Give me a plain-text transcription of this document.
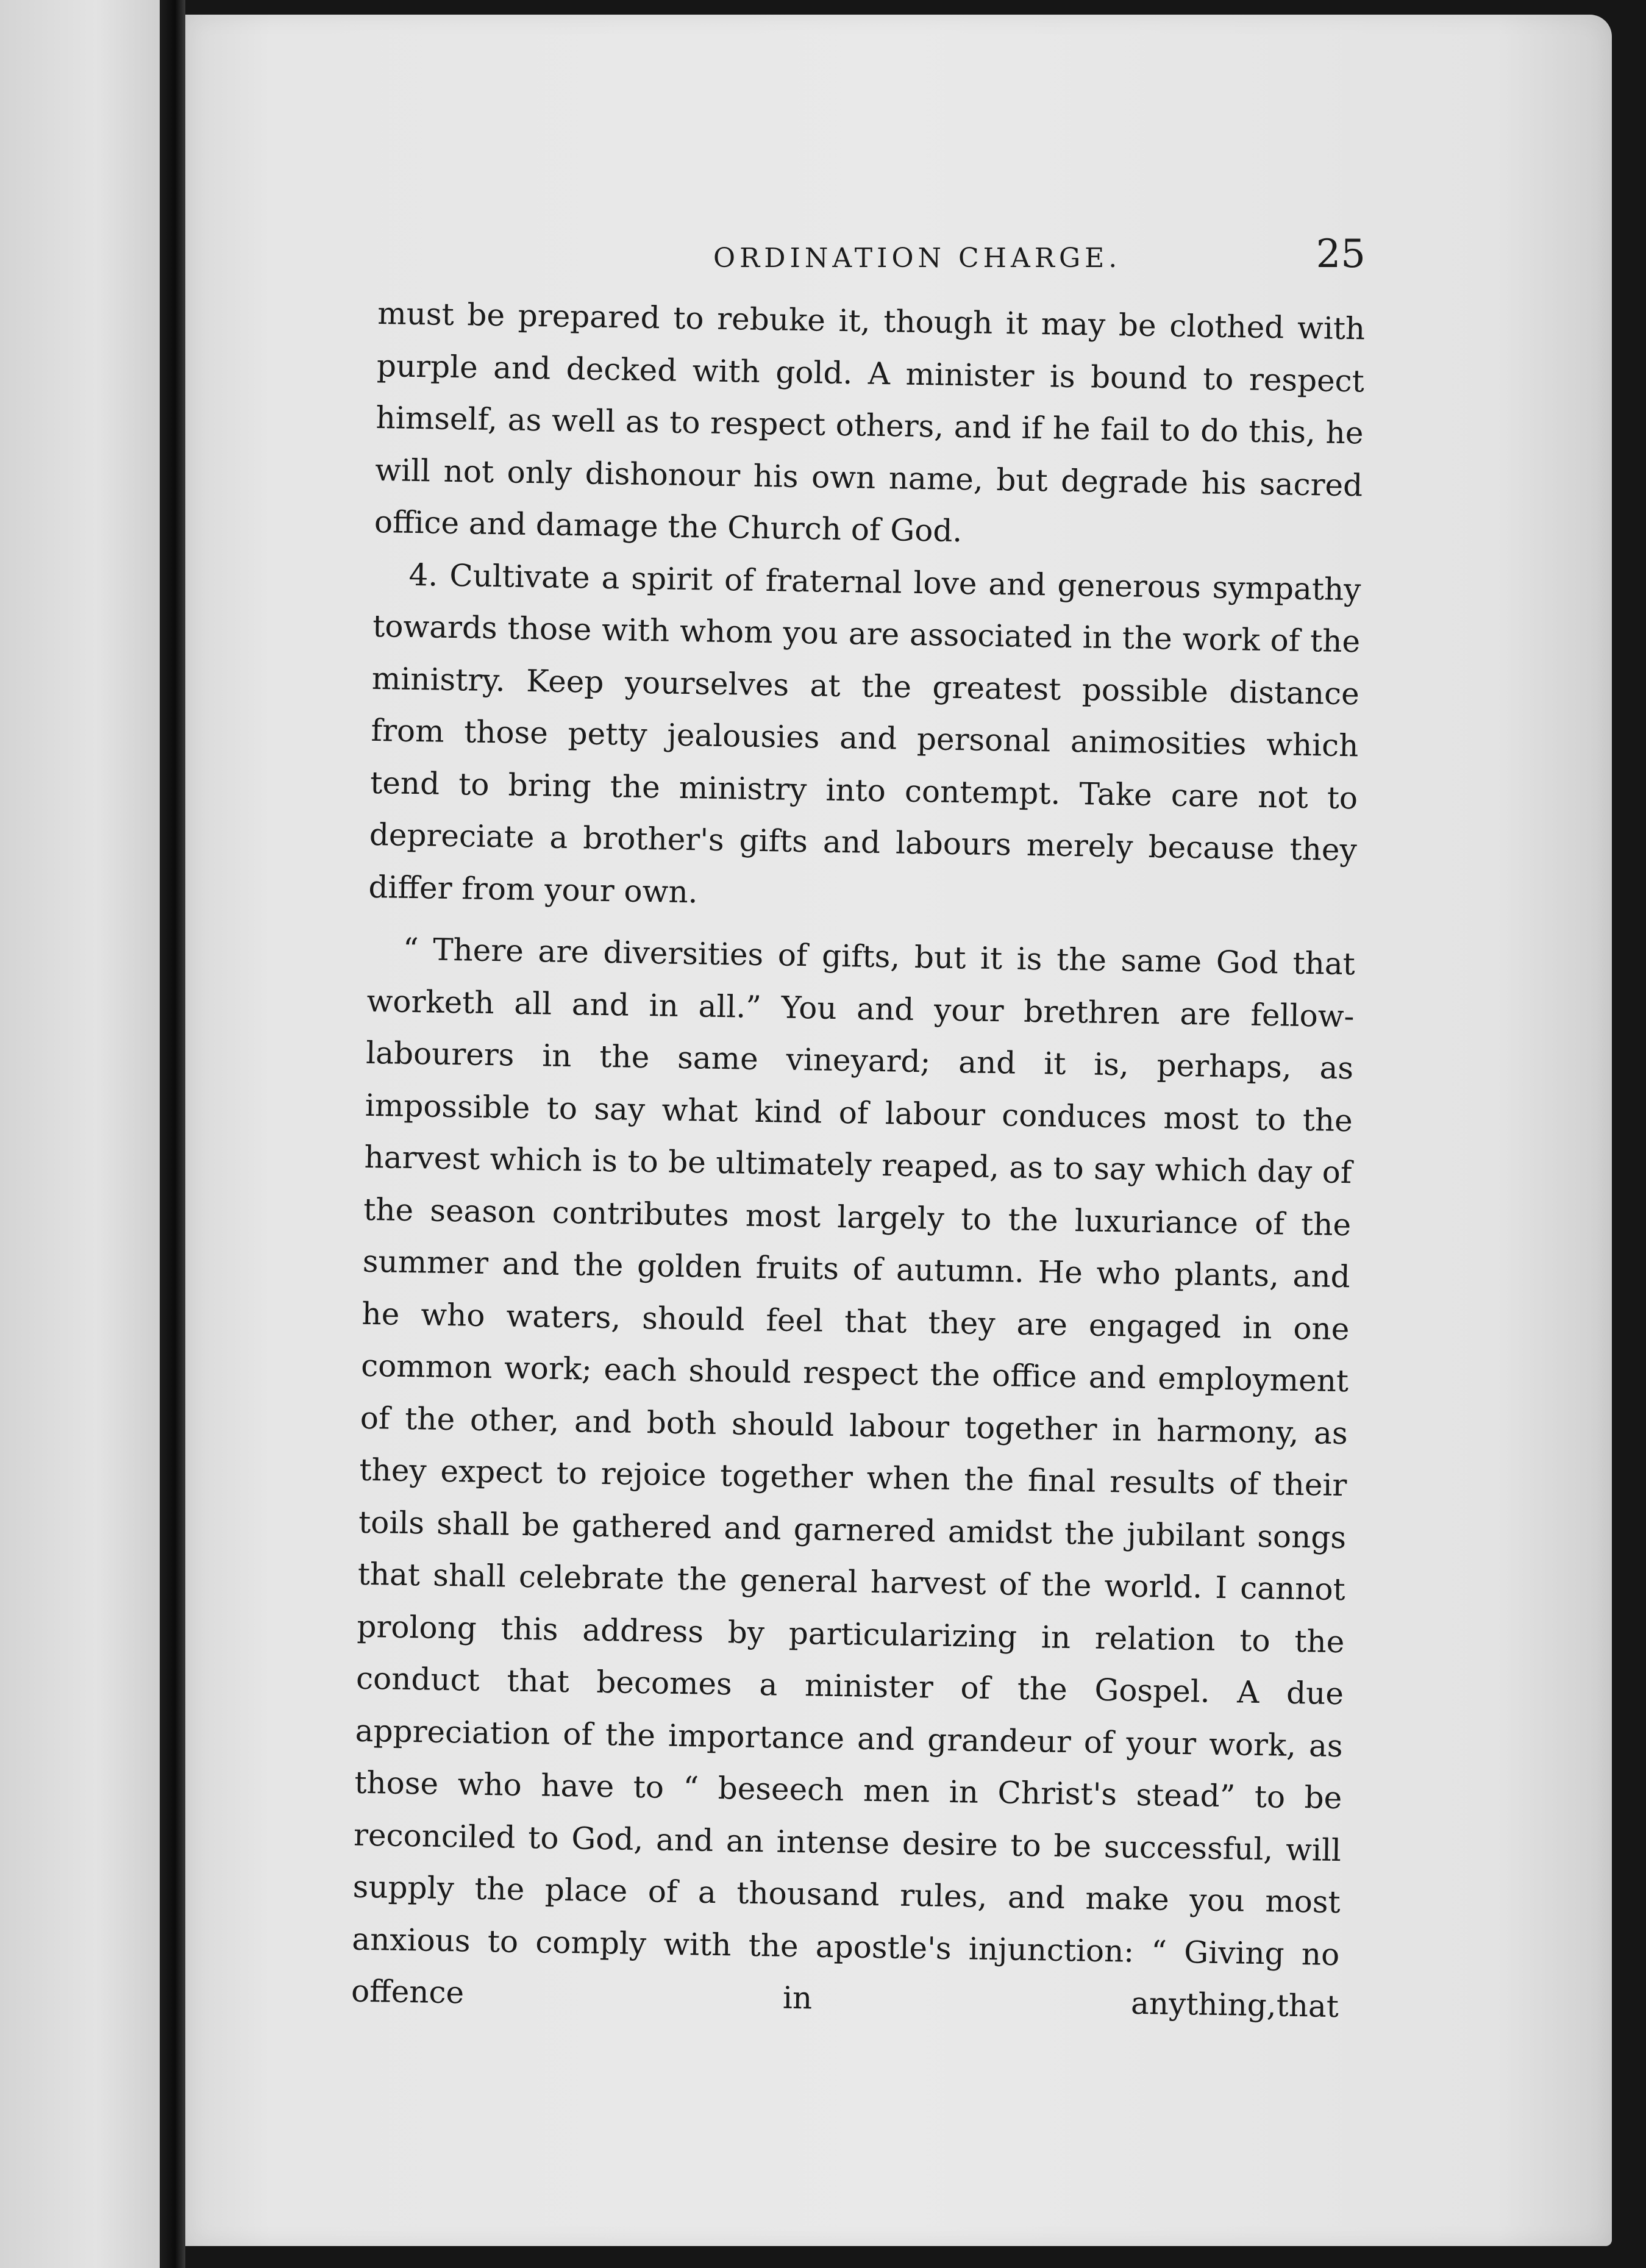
ORDINATION CHARGE.	25

must be prepared to rebuke it, though it may be clothed with purple and decked with gold. A minister is bound to respect himself, as well as to respect others, and if he fail to do this, he will not only dishonour his own name, but degrade his sacred office and damage the Church of God.

4. Cultivate a spirit of fraternal love and generous sympathy towards those with whom you are associated in the work of the ministry. Keep yourselves at the greatest possible distance from those petty jealousies and personal animosities which tend to bring the ministry into contempt. Take care not to depreciate a brother's gifts and labours merely because they differ from your own.

“ There are diversities of gifts, but it is the same God that worketh all and in all.” You and your brethren are fellow-labourers in the same vineyard; and it is, perhaps, as impossible to say what kind of labour conduces most to the harvest which is to be ultimately reaped, as to say which day of the season contributes most largely to the luxuriance of the summer and the golden fruits of autumn. He who plants, and he who waters, should feel that they are engaged in one common work; each should respect the office and employment of the other, and both should labour together in harmony, as they expect to rejoice together when the final results of their toils shall be gathered and garnered amidst the jubilant songs that shall celebrate the general harvest of the world. I cannot prolong this address by particularizing in relation to the conduct that becomes a minister of the Gospel. A due appreciation of the importance and grandeur of your work, as those who have to “ beseech men in Christ's stead” to be reconciled to God, and an intense desire to be successful, will supply the place of a thousand rules, and make you most anxious to comply with the apostle's injunction: “ Giving no offence in anything,that
